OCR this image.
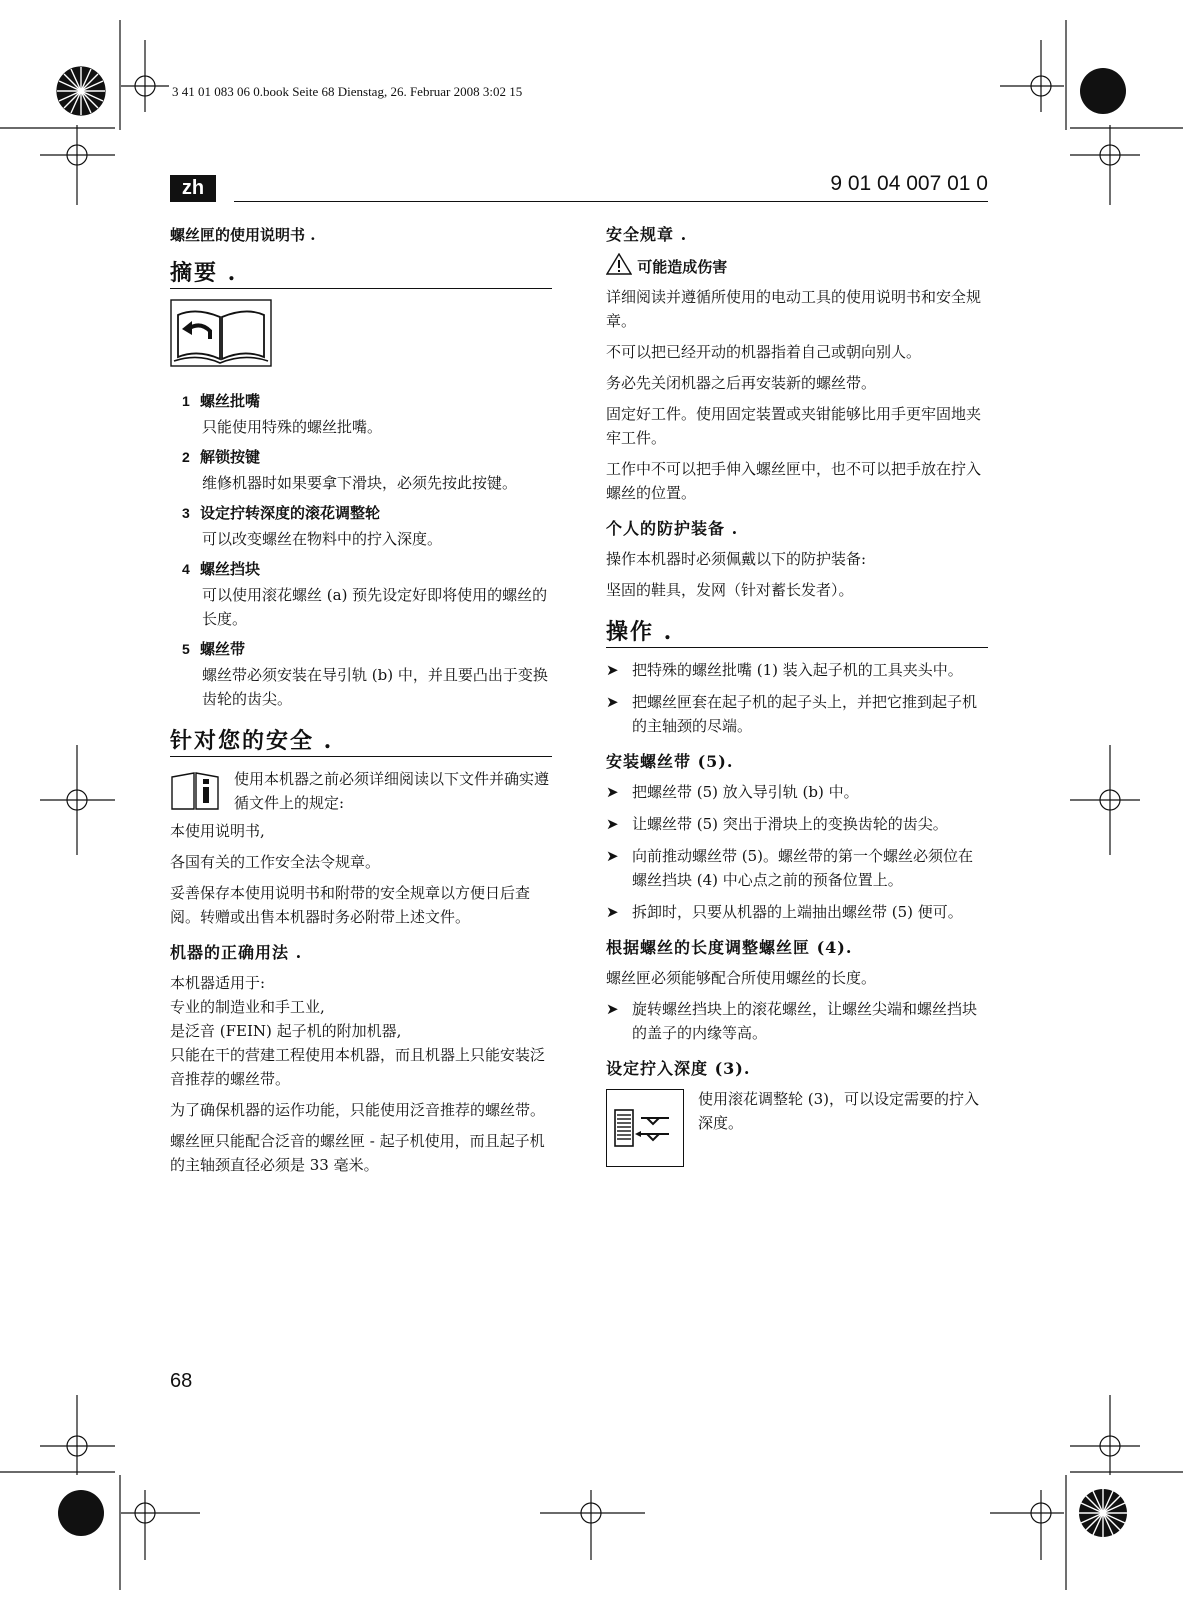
3 41 01 083 06 0.book Seite 68 Dienstag, 26. Februar 2008 3:02 15
zh	9 01 04 007 01 0
螺丝匣的使用说明书 .
摘要 .
1 螺丝批嘴
只能使用特殊的螺丝批嘴。
2 解锁按键
维修机器时如果要拿下滑块，必须先按此按键。
3 设定拧转深度的滚花调整轮
可以改变螺丝在物料中的拧入深度。
4 螺丝挡块
可以使用滚花螺丝 (a) 预先设定好即将使用的螺丝的长度。
5 螺丝带
螺丝带必须安装在导引轨 (b) 中，并且要凸出于变换齿轮的齿尖。
针对您的安全 .
使用本机器之前必须详细阅读以下文件并确实遵循文件上的规定:

本使用说明书,

各国有关的工作安全法令规章。

妥善保存本使用说明书和附带的安全规章以方便日后查阅。转赠或出售本机器时务必附带上述文件。

机器的正确用法 .
本机器适用于:
专业的制造业和手工业,
是泛音 (FEIN) 起子机的附加机器,

只能在干的营建工程使用本机器，而且机器上只能安装泛音推荐的螺丝带。

为了确保机器的运作功能，只能使用泛音推荐的螺丝带。

螺丝匣只能配合泛音的螺丝匣 - 起子机使用，而且起子机的主轴颈直径必须是 33 毫米。

安全规章 .
可能造成伤害

详细阅读并遵循所使用的电动工具的使用说明书和安全规章。

不可以把已经开动的机器指着自己或朝向别人。

务必先关闭机器之后再安装新的螺丝带。

固定好工件。使用固定装置或夹钳能够比用手更牢固地夹牢工件。

工作中不可以把手伸入螺丝匣中，也不可以把手放在拧入螺丝的位置。

个人的防护装备 .

操作本机器时必须佩戴以下的防护装备:

坚固的鞋具，发网（针对蓄长发者）。

操作 .
➤ 把特殊的螺丝批嘴 (1) 装入起子机的工具夹头中。
➤ 把螺丝匣套在起子机的起子头上，并把它推到起子机的主轴颈的尽端。
安装螺丝带 (5).
➤ 把螺丝带 (5) 放入导引轨 (b) 中。
➤ 让螺丝带 (5) 突出于滑块上的变换齿轮的齿尖。
➤ 向前推动螺丝带 (5)。螺丝带的第一个螺丝必须位在螺丝挡块 (4) 中心点之前的预备位置上。
➤ 拆卸时，只要从机器的上端抽出螺丝带 (5) 便可。
根据螺丝的长度调整螺丝匣 (4).

螺丝匣必须能够配合所使用螺丝的长度。

➤ 旋转螺丝挡块上的滚花螺丝，让螺丝尖端和螺丝挡块的盖子的内缘等高。
设定拧入深度 (3).
使用滚花调整轮 (3)，可以设定需要的拧入深度。
68
